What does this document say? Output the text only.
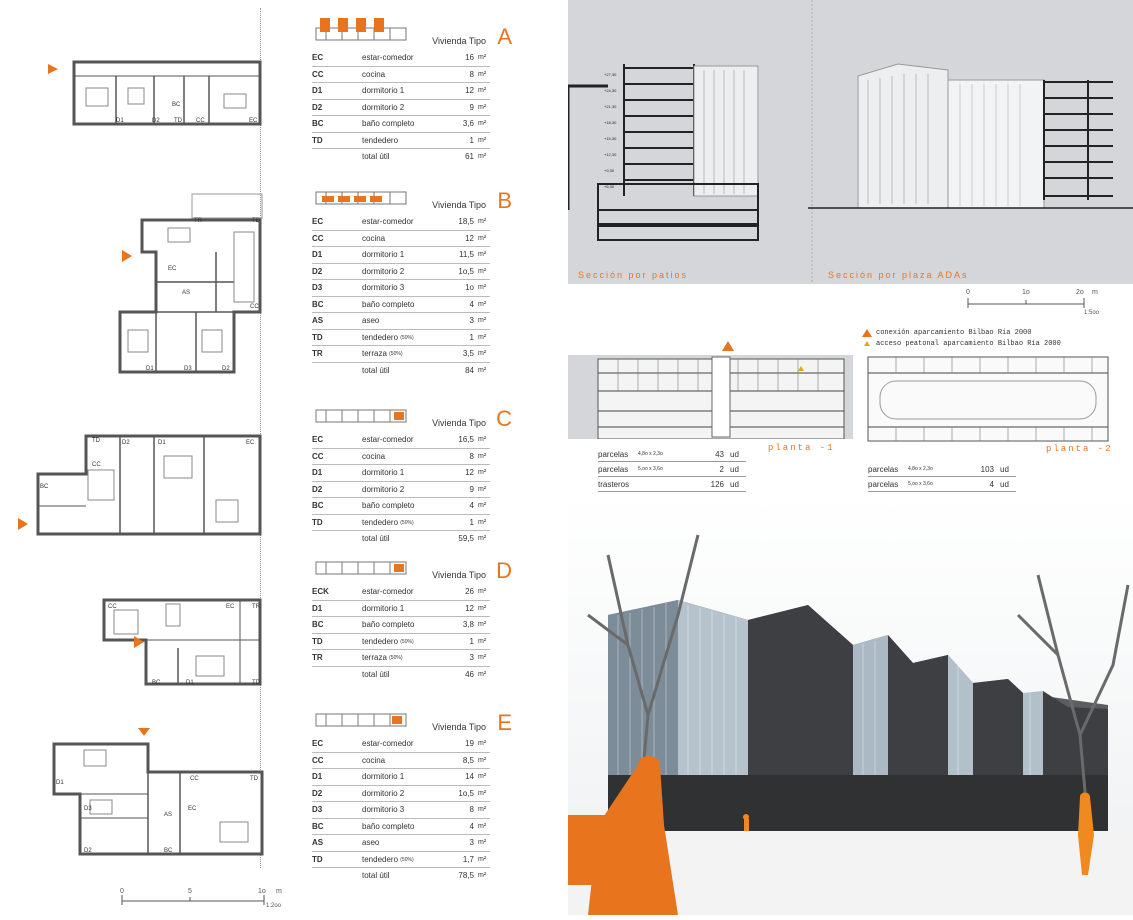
D1	D2
BC
TD CC	EC
TR	TD
EC
AS
CC
D1	D3	D2
TD	D2	D1	EC
CC
BC
CC	EC	TR
BC	D1	TD
D1
CC	TD
D3
AS
EC
D2	BC
0	5	1o m
1:2oo
Vivienda Tipo A
EC	estar-comedor	16 m²
CC	cocina	8 m²
D1	dormitorio 1	12 m²
D2	dormitorio 2	9 m²
BC	baño completo	3,6 m²
TD	tendedero	1 m²
total útil	61 m²
Vivienda Tipo B
EC	estar-comedor	18,5 m²
CC	cocina	12 m²
D1	dormitorio 1	11,5 m²
D2	dormitorio 2	1o,5 m²
D3	dormitorio 3	1o m²
BC	baño completo	4 m²
AS	aseo	3 m²
TD	tendedero (50%)	1 m²
TR	terraza (50%)	3,5 m²
total útil	84 m²
Vivienda Tipo C
EC	estar-comedor	16,5 m²
CC	cocina	8 m²
D1	dormitorio 1	12 m²
D2	dormitorio 2	9 m²
BC	baño completo	4 m²
TD	tendedero (50%)	1 m²
total útil	59,5 m²
Vivienda Tipo D
ECK	estar-comedor	26 m²
D1	dormitorio 1	12 m²
BC	baño completo	3,8 m²
TD	tendedero (50%)	1 m²
TR	terraza (50%)	3 m²
total útil	46 m²
Vivienda Tipo E
EC	estar-comedor	19 m²
CC	cocina	8,5 m²
D1	dormitorio 1	14 m²
D2	dormitorio 2	1o,5 m²
D3	dormitorio 3	8 m²
BC	baño completo	4 m²
AS	aseo	3 m²
TD	tendedero (50%)	1,7 m²
total útil	78,5 m²
+27,30
+24,30
+21,30
+18,30
+15,30
+12,30
+9,30
+6,30
Sección por patios	Sección por plaza ADAs
0	1o	2o m
1:5oo
conexión aparcamiento Bilbao Ría 2000
acceso peatonal aparcamiento Bilbao Ría 2000
parcelas	4,8o x 2,3o	43 ud
parcelas	5,oo x 3,6o	2 ud
trasteros	126 ud
planta -1	planta -2
parcelas	4,8o x 2,3o	103 ud
parcelas	5,oo x 3,6o	4 ud
